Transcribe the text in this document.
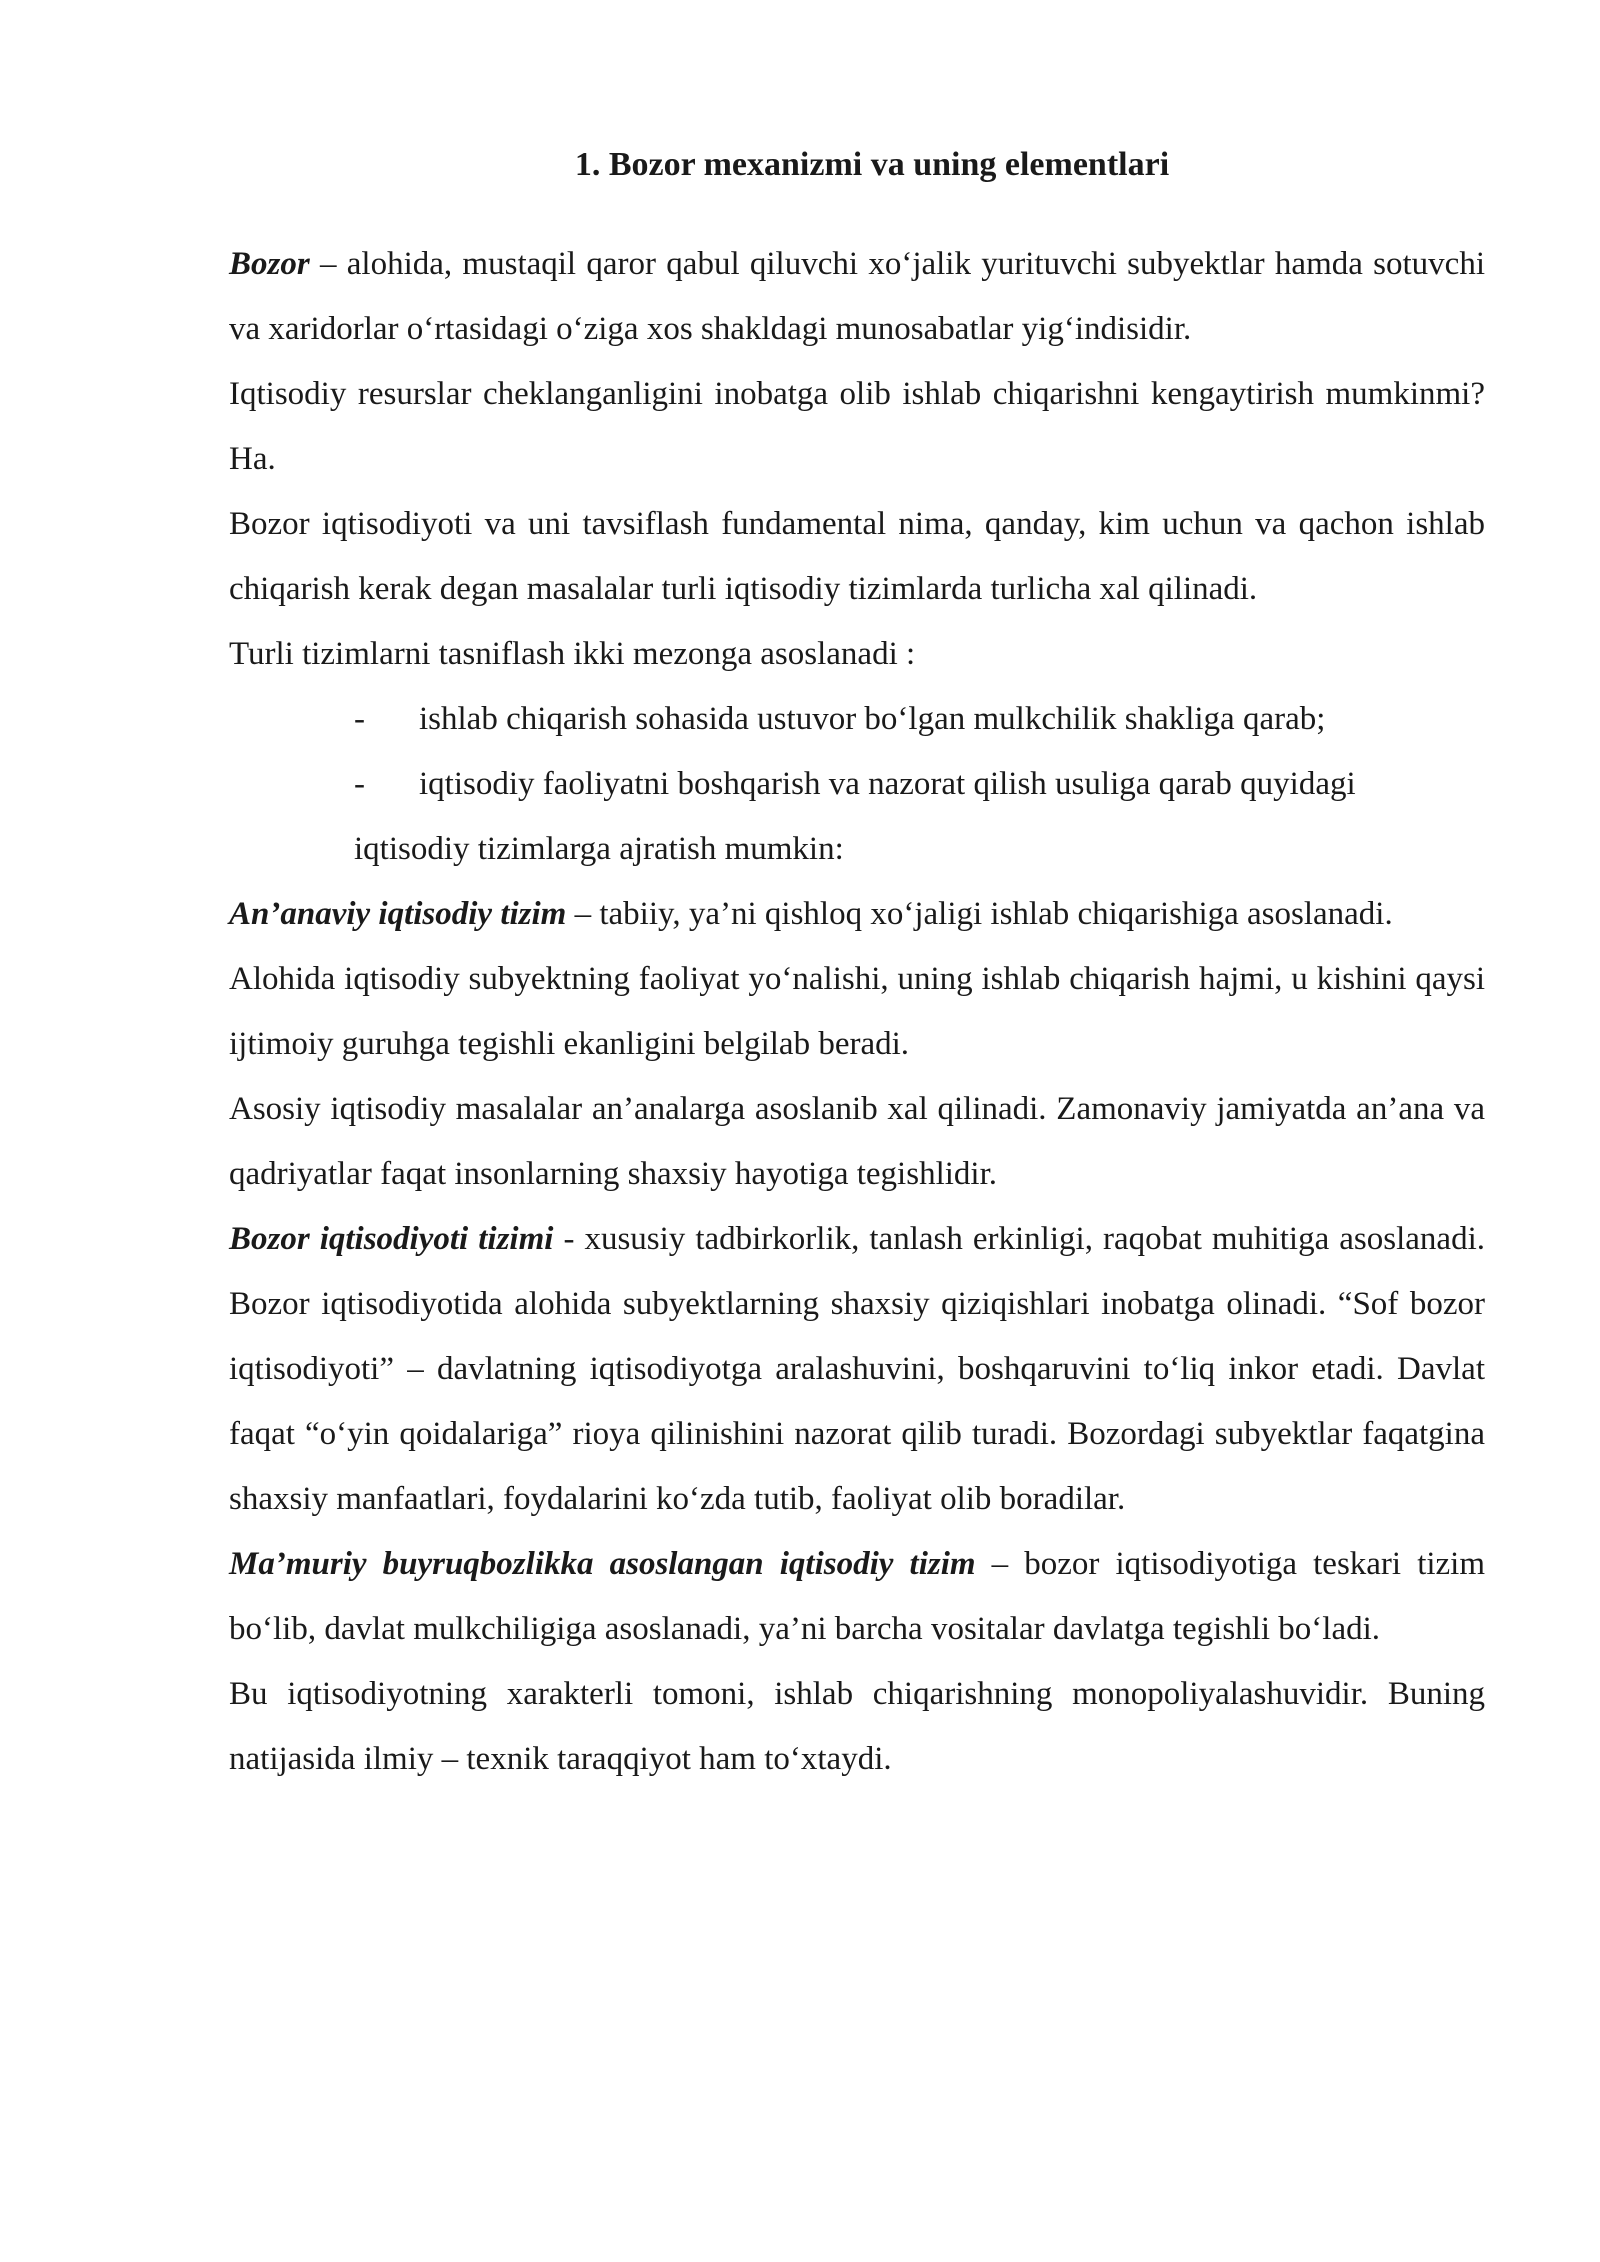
1. Bozor mexanizmi va uning elementlari

Bozor – alohida, mustaqil qaror qabul qiluvchi xo‘jalik yurituvchi subyektlar hamda sotuvchi va xaridorlar o‘rtasidagi o‘ziga xos shakldagi munosabatlar yig‘indisidir.

Iqtisodiy resurslar cheklanganligini inobatga olib ishlab chiqarishni kengaytirish mumkinmi? Ha.

Bozor iqtisodiyoti va uni tavsiflash fundamental nima, qanday, kim uchun va qachon ishlab chiqarish kerak degan masalalar turli iqtisodiy tizimlarda turlicha xal qilinadi.

Turli tizimlarni tasniflash ikki mezonga asoslanadi :

- ishlab chiqarish sohasida ustuvor bo‘lgan mulkchilik shakliga qarab;
- iqtisodiy faoliyatni boshqarish va nazorat qilish usuliga qarab quyidagi
iqtisodiy tizimlarga ajratish mumkin:

An’anaviy iqtisodiy tizim – tabiiy, ya’ni qishloq xo‘jaligi ishlab chiqarishiga asoslanadi.

Alohida iqtisodiy subyektning faoliyat yo‘nalishi, uning ishlab chiqarish hajmi, u kishini qaysi ijtimoiy guruhga tegishli ekanligini belgilab beradi.

Asosiy iqtisodiy masalalar an’analarga asoslanib xal qilinadi. Zamonaviy jamiyatda an’ana va qadriyatlar faqat insonlarning shaxsiy hayotiga tegishlidir.

Bozor iqtisodiyoti tizimi - xususiy tadbirkorlik, tanlash erkinligi, raqobat muhitiga asoslanadi. Bozor iqtisodiyotida alohida subyektlarning shaxsiy qiziqishlari inobatga olinadi. “Sof bozor iqtisodiyoti” – davlatning iqtisodiyotga aralashuvini, boshqaruvini to‘liq inkor etadi. Davlat faqat “o‘yin qoidalariga” rioya qilinishini nazorat qilib turadi. Bozordagi subyektlar faqatgina shaxsiy manfaatlari, foydalarini ko‘zda tutib, faoliyat olib boradilar.

Ma’muriy buyruqbozlikka asoslangan iqtisodiy tizim – bozor iqtisodiyotiga teskari tizim bo‘lib, davlat mulkchiligiga asoslanadi, ya’ni barcha vositalar davlatga tegishli bo‘ladi.

Bu iqtisodiyotning xarakterli tomoni, ishlab chiqarishning monopoliyalashuvidir. Buning natijasida ilmiy – texnik taraqqiyot ham to‘xtaydi.
